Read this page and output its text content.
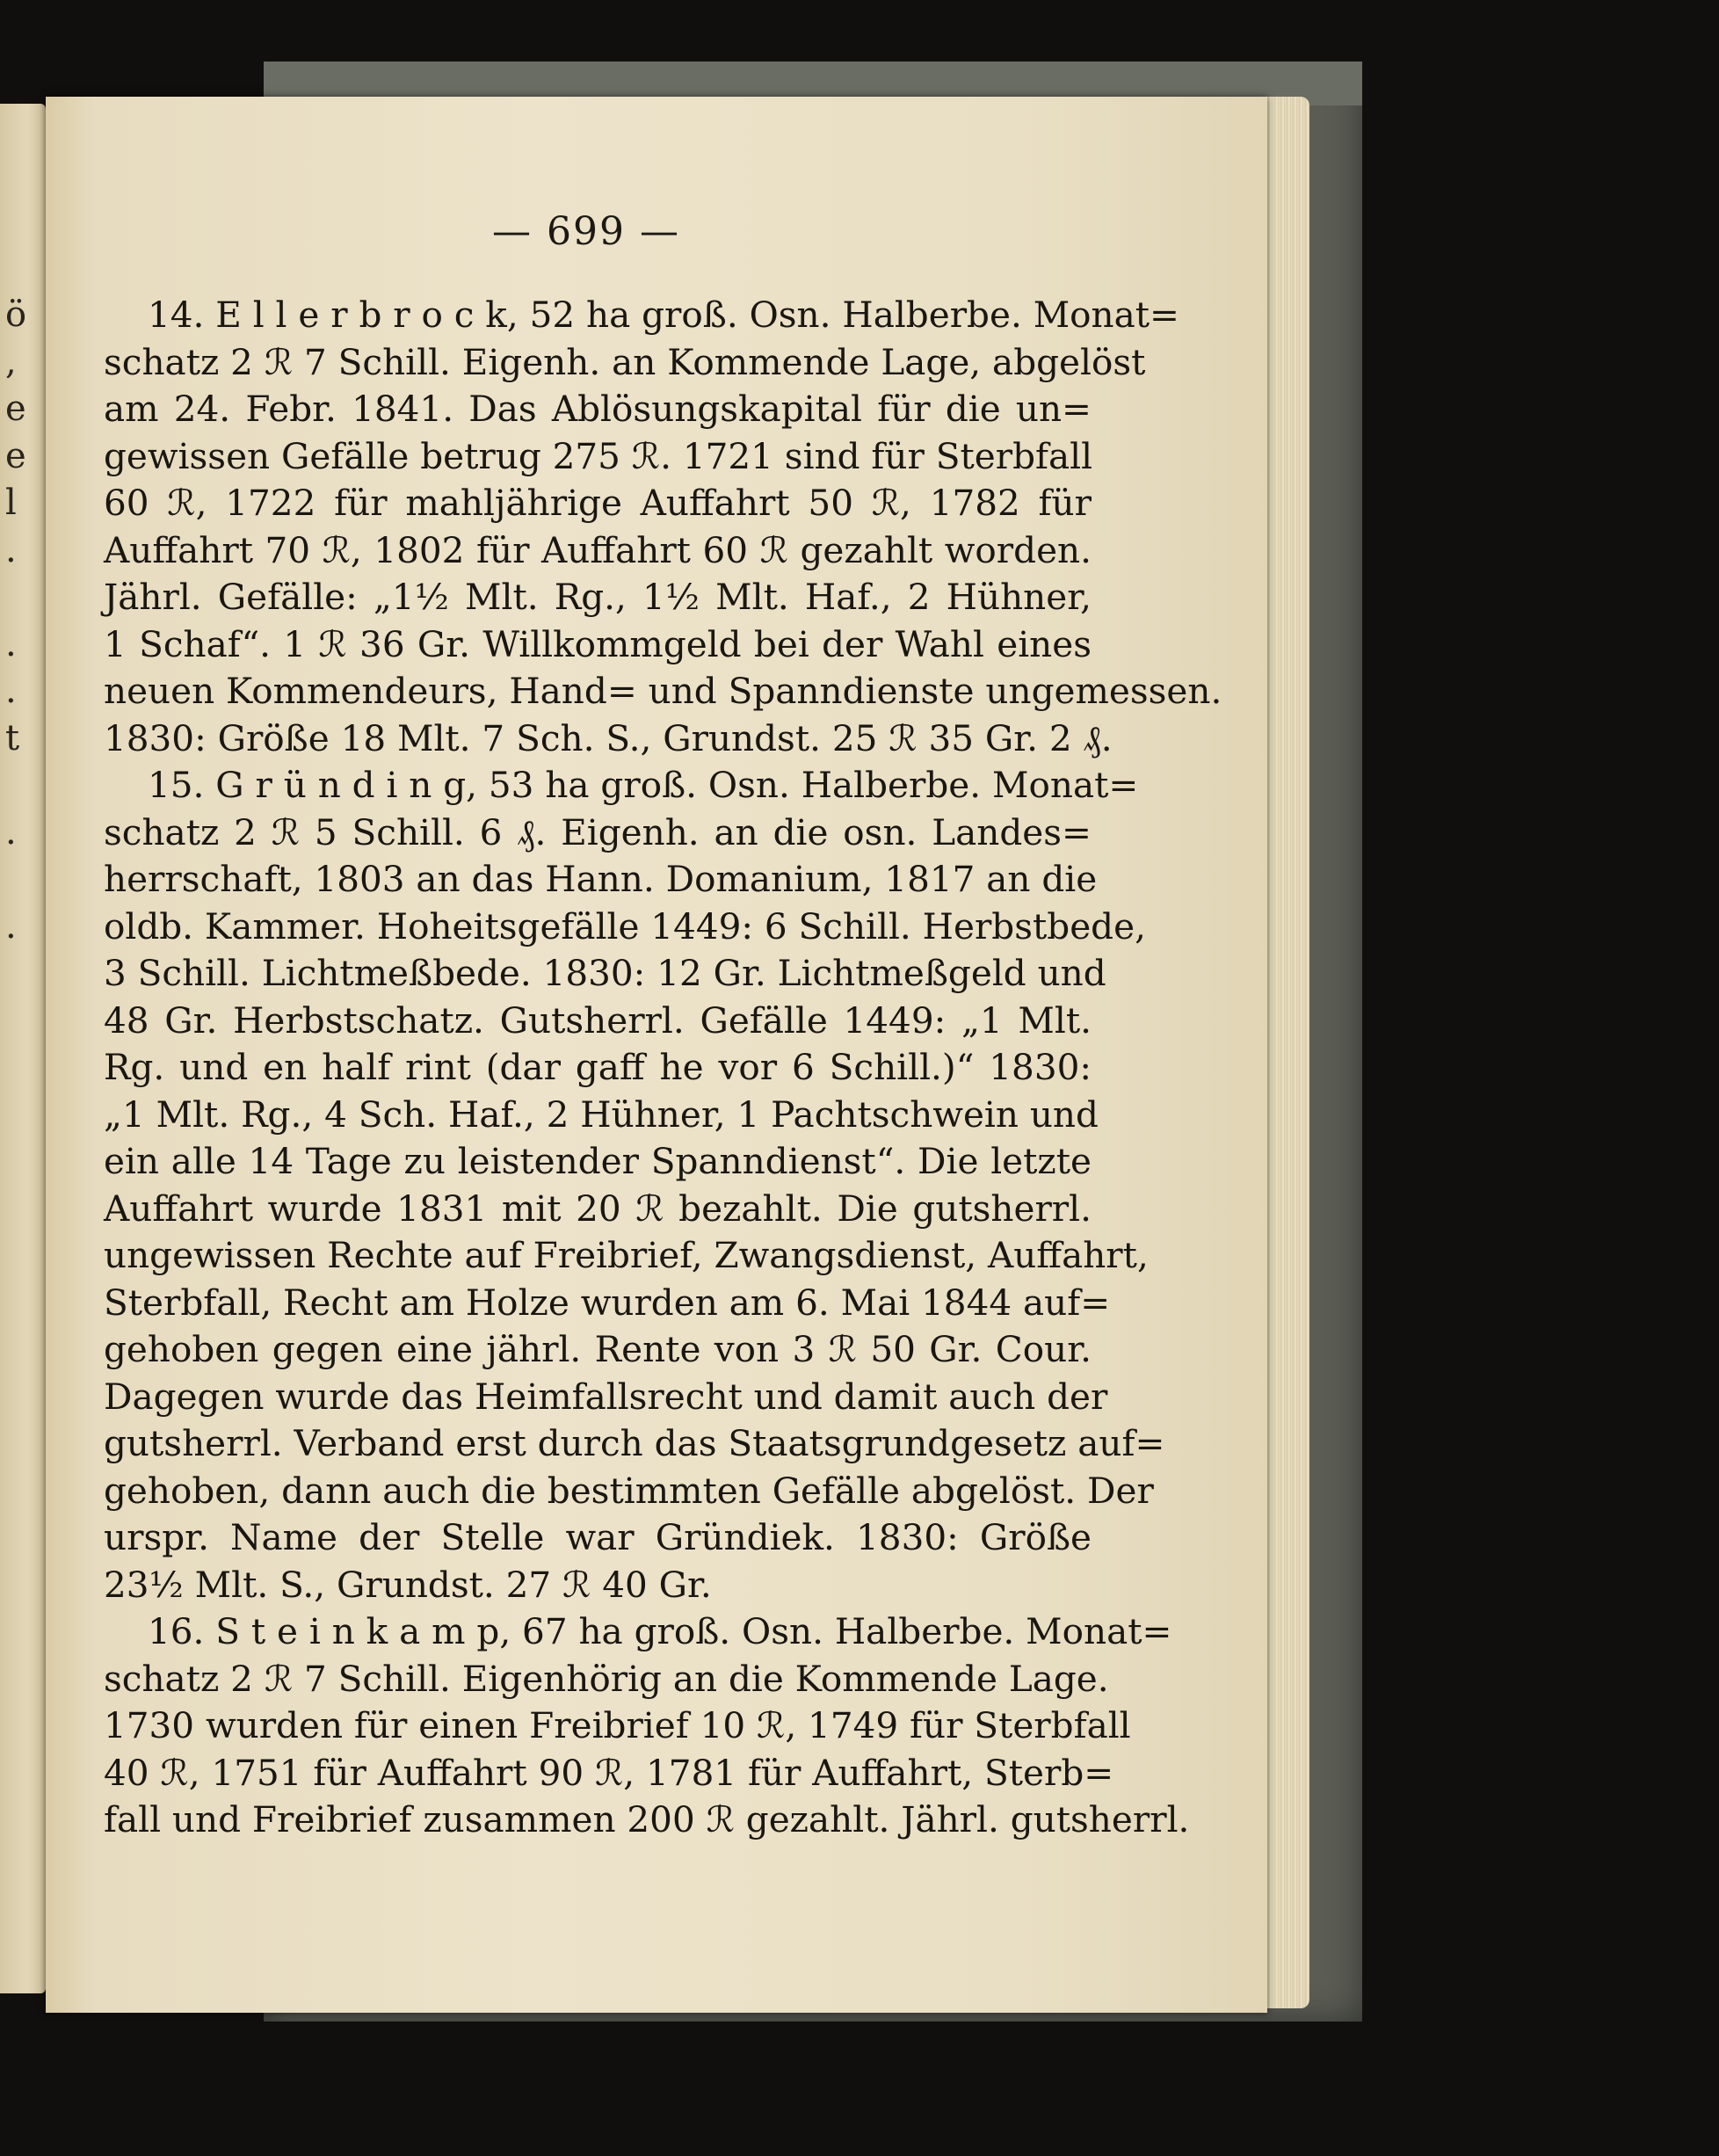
ö
,
e
e
l
.
.
.
t
.
.
— 699 —
14. E l l e r b r o c k, 52 ha groß. Osn. Halberbe. Monat=
schatz 2 ℛ 7 Schill. Eigenh. an Kommende Lage, abgelöst
am 24. Febr. 1841. Das Ablösungskapital für die un=
gewissen Gefälle betrug 275 ℛ. 1721 sind für Sterbfall
60 ℛ, 1722 für mahljährige Auffahrt 50 ℛ, 1782 für
Auffahrt 70 ℛ, 1802 für Auffahrt 60 ℛ gezahlt worden.
Jährl. Gefälle: „1½ Mlt. Rg., 1½ Mlt. Haf., 2 Hühner,
1 Schaf“. 1 ℛ 36 Gr. Willkommgeld bei der Wahl eines
neuen Kommendeurs, Hand= und Spanndienste ungemessen.
1830: Größe 18 Mlt. 7 Sch. S., Grundst. 25 ℛ 35 Gr. 2 ₰.
15. G r ü n d i n g, 53 ha groß. Osn. Halberbe. Monat=
schatz 2 ℛ 5 Schill. 6 ₰. Eigenh. an die osn. Landes=
herrschaft, 1803 an das Hann. Domanium, 1817 an die
oldb. Kammer. Hoheitsgefälle 1449: 6 Schill. Herbstbede,
3 Schill. Lichtmeßbede. 1830: 12 Gr. Lichtmeßgeld und
48 Gr. Herbstschatz. Gutsherrl. Gefälle 1449: „1 Mlt.
Rg. und en half rint (dar gaff he vor 6 Schill.)“ 1830:
„1 Mlt. Rg., 4 Sch. Haf., 2 Hühner, 1 Pachtschwein und
ein alle 14 Tage zu leistender Spanndienst“. Die letzte
Auffahrt wurde 1831 mit 20 ℛ bezahlt. Die gutsherrl.
ungewissen Rechte auf Freibrief, Zwangsdienst, Auffahrt,
Sterbfall, Recht am Holze wurden am 6. Mai 1844 auf=
gehoben gegen eine jährl. Rente von 3 ℛ 50 Gr. Cour.
Dagegen wurde das Heimfallsrecht und damit auch der
gutsherrl. Verband erst durch das Staatsgrundgesetz auf=
gehoben, dann auch die bestimmten Gefälle abgelöst. Der
urspr. Name der Stelle war Gründiek. 1830: Größe
23½ Mlt. S., Grundst. 27 ℛ 40 Gr.
16. S t e i n k a m p, 67 ha groß. Osn. Halberbe. Monat=
schatz 2 ℛ 7 Schill. Eigenhörig an die Kommende Lage.
1730 wurden für einen Freibrief 10 ℛ, 1749 für Sterbfall
40 ℛ, 1751 für Auffahrt 90 ℛ, 1781 für Auffahrt, Sterb=
fall und Freibrief zusammen 200 ℛ gezahlt. Jährl. gutsherrl.
